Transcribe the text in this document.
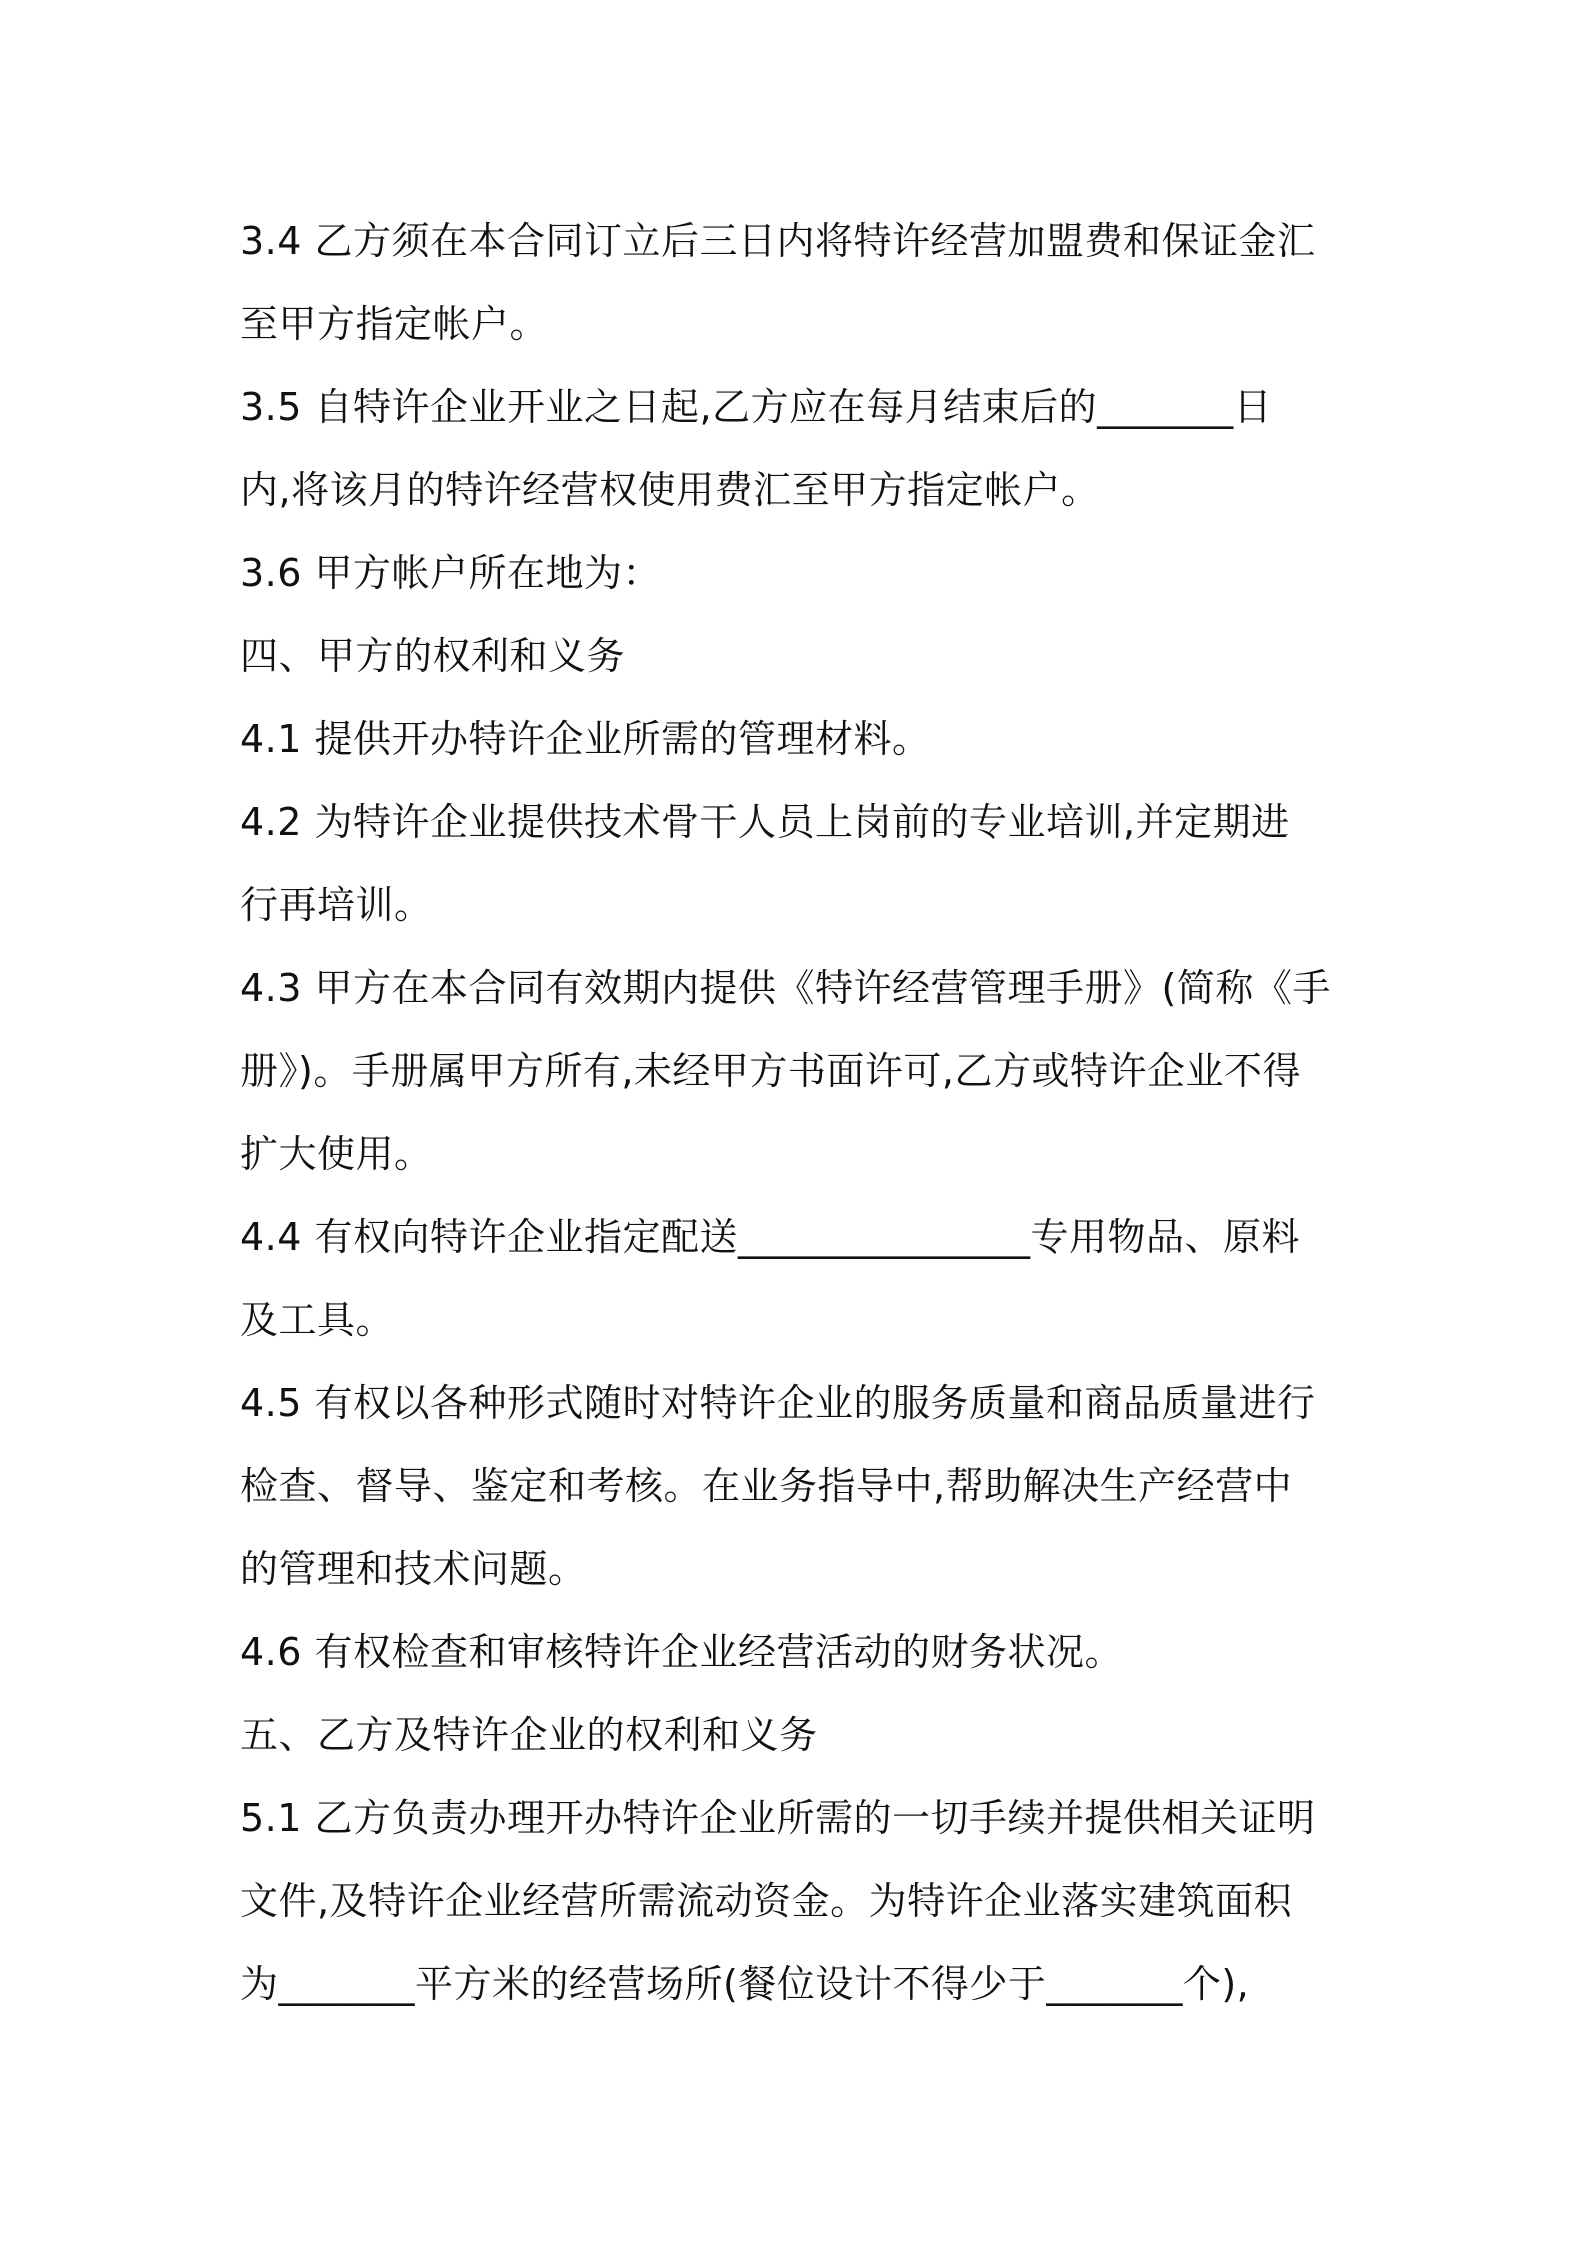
3.4 乙方须在本合同订立后三日内将特许经营加盟费和保证金汇
至甲方指定帐户。
3.5 自特许企业开业之日起,乙方应在每月结束后的_______日
内,将该月的特许经营权使用费汇至甲方指定帐户。
3.6 甲方帐户所在地为：
四、甲方的权利和义务
4.1 提供开办特许企业所需的管理材料。
4.2 为特许企业提供技术骨干人员上岗前的专业培训,并定期进
行再培训。
4.3 甲方在本合同有效期内提供《特许经营管理手册》(简称《手
册》)。手册属甲方所有,未经甲方书面许可,乙方或特许企业不得
扩大使用。
4.4 有权向特许企业指定配送_______________专用物品、原料
及工具。
4.5 有权以各种形式随时对特许企业的服务质量和商品质量进行
检查、督导、鉴定和考核。在业务指导中,帮助解决生产经营中
的管理和技术问题。
4.6 有权检查和审核特许企业经营活动的财务状况。
五、乙方及特许企业的权利和义务
5.1 乙方负责办理开办特许企业所需的一切手续并提供相关证明
文件,及特许企业经营所需流动资金。为特许企业落实建筑面积
为_______平方米的经营场所(餐位设计不得少于_______个),
